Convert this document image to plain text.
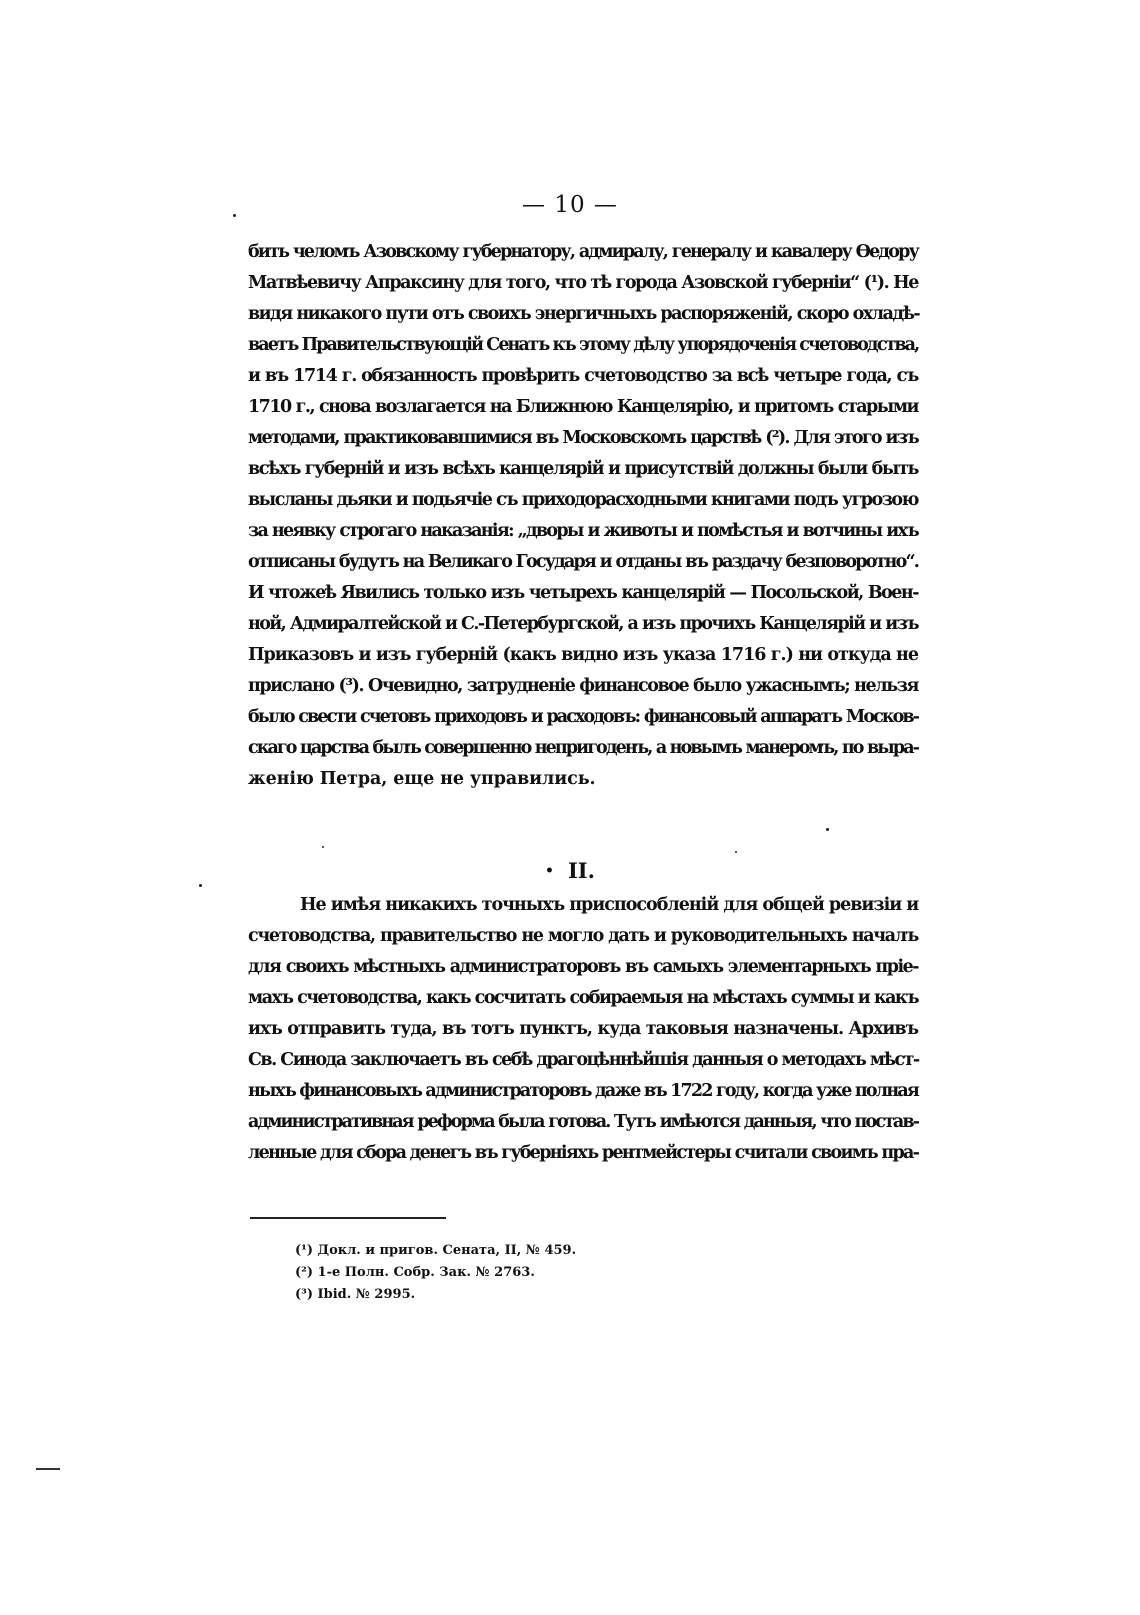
— 10 —
бить челомъ Азовскому губернатору, адмиралу, генералу и кавалеру Өедору
Матвѣевичу Апраксину для того, что тѣ города Азовской губерніи“ (¹). Не
видя никакого пути отъ своихъ энергичныхъ распоряженій, скоро охладѣ-
ваетъ Правительствующій Сенатъ къ этому дѣлу упорядоченія счетоводства,
и въ 1714 г. обязанность провѣрить счетоводство за всѣ четыре года, съ
1710 г., снова возлагается на Ближнюю Канцелярію, и притомъ старыми
методами, практиковавшимися въ Московскомъ царствѣ (²). Для этого изъ
всѣхъ губерній и изъ всѣхъ канцелярій и присутствій должны были быть
высланы дьяки и подьячіе съ приходорасходными книгами подъ угрозою
за неявку строгаго наказанія: „дворы и животы и помѣстья и вотчины ихъ
отписаны будутъ на Великаго Государя и отданы въ раздачу безповоротно“.
И чтожеѣ Явились только изъ четырехъ канцелярій — Посольской, Воен-
ной, Адмиралтейской и С.-Петербургской, а изъ прочихъ Канцелярій и изъ
Приказовъ и изъ губерній (какъ видно изъ указа 1716 г.) ни откуда не
прислано (³). Очевидно, затрудненіе финансовое было ужаснымъ; нельзя
было свести счетовъ приходовъ и расходовъ: финансовый аппаратъ Москов-
скаго царства былъ совершенно непригоденъ, а новымъ манеромъ, по выра-
женію Петра, еще не управились.
• II.
Не имѣя никакихъ точныхъ приспособленій для общей ревизіи и
счетоводства, правительство не могло дать и руководительныхъ началъ
для своихъ мѣстныхъ администраторовъ въ самыхъ элементарныхъ пріе-
махъ счетоводства, какъ сосчитать собираемыя на мѣстахъ суммы и какъ
ихъ отправить туда, въ тотъ пунктъ, куда таковыя назначены. Архивъ
Св. Синода заключаетъ въ себѣ драгоцѣннѣйшія данныя о методахъ мѣст-
ныхъ финансовыхъ администраторовъ даже въ 1722 году, когда уже полная
административная реформа была готова. Тутъ имѣются данныя, что постав-
ленные для сбора денегъ въ губерніяхъ рентмейстеры считали своимъ пра-
(¹) Докл. и пригов. Сената, II, № 459.
(²) 1-е Полн. Собр. Зак. № 2763.
(³) Ibid. № 2995.
